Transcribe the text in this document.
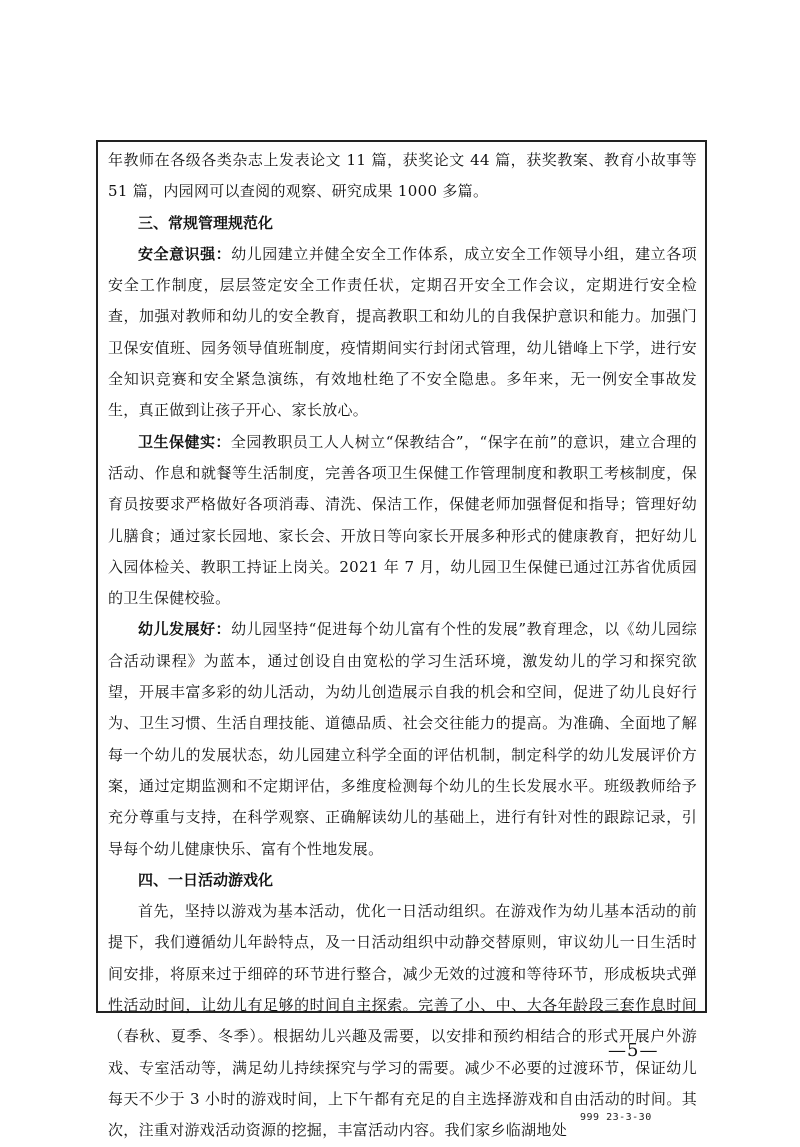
年教师在各级各类杂志上发表论文 11 篇，获奖论文 44 篇，获奖教案、教育小故事等 51 篇，内园网可以查阅的观察、研究成果 1000 多篇。

三、常规管理规范化

安全意识强：幼儿园建立并健全安全工作体系，成立安全工作领导小组，建立各项安全工作制度，层层签定安全工作责任状，定期召开安全工作会议，定期进行安全检查，加强对教师和幼儿的安全教育，提高教职工和幼儿的自我保护意识和能力。加强门卫保安值班、园务领导值班制度，疫情期间实行封闭式管理，幼儿错峰上下学，进行安全知识竞赛和安全紧急演练，有效地杜绝了不安全隐患。多年来，无一例安全事故发生，真正做到让孩子开心、家长放心。

卫生保健实：全园教职员工人人树立“保教结合”，“保字在前”的意识，建立合理的活动、作息和就餐等生活制度，完善各项卫生保健工作管理制度和教职工考核制度，保育员按要求严格做好各项消毒、清洗、保洁工作，保健老师加强督促和指导；管理好幼儿膳食；通过家长园地、家长会、开放日等向家长开展多种形式的健康教育，把好幼儿入园体检关、教职工持证上岗关。2021 年 7 月，幼儿园卫生保健已通过江苏省优质园的卫生保健校验。

幼儿发展好：幼儿园坚持“促进每个幼儿富有个性的发展”教育理念，以《幼儿园综合活动课程》为蓝本，通过创设自由宽松的学习生活环境，激发幼儿的学习和探究欲望，开展丰富多彩的幼儿活动，为幼儿创造展示自我的机会和空间，促进了幼儿良好行为、卫生习惯、生活自理技能、道德品质、社会交往能力的提高。为准确、全面地了解每一个幼儿的发展状态，幼儿园建立科学全面的评估机制，制定科学的幼儿发展评价方案，通过定期监测和不定期评估，多维度检测每个幼儿的生长发展水平。班级教师给予充分尊重与支持，在科学观察、正确解读幼儿的基础上，进行有针对性的跟踪记录，引导每个幼儿健康快乐、富有个性地发展。

四、一日活动游戏化

首先，坚持以游戏为基本活动，优化一日活动组织。在游戏作为幼儿基本活动的前提下，我们遵循幼儿年龄特点，及一日活动组织中动静交替原则，审议幼儿一日生活时间安排，将原来过于细碎的环节进行整合，减少无效的过渡和等待环节，形成板块式弹性活动时间，让幼儿有足够的时间自主探索。完善了小、中、大各年龄段三套作息时间（春秋、夏季、冬季）。根据幼儿兴趣及需要，以安排和预约相结合的形式开展户外游戏、专室活动等，满足幼儿持续探究与学习的需要。减少不必要的过渡环节，保证幼儿每天不少于 3 小时的游戏时间，上下午都有充足的自主选择游戏和自由活动的时间。其次，注重对游戏活动资源的挖掘，丰富活动内容。我们家乡临湖地处

—5—
999 23-3-30
